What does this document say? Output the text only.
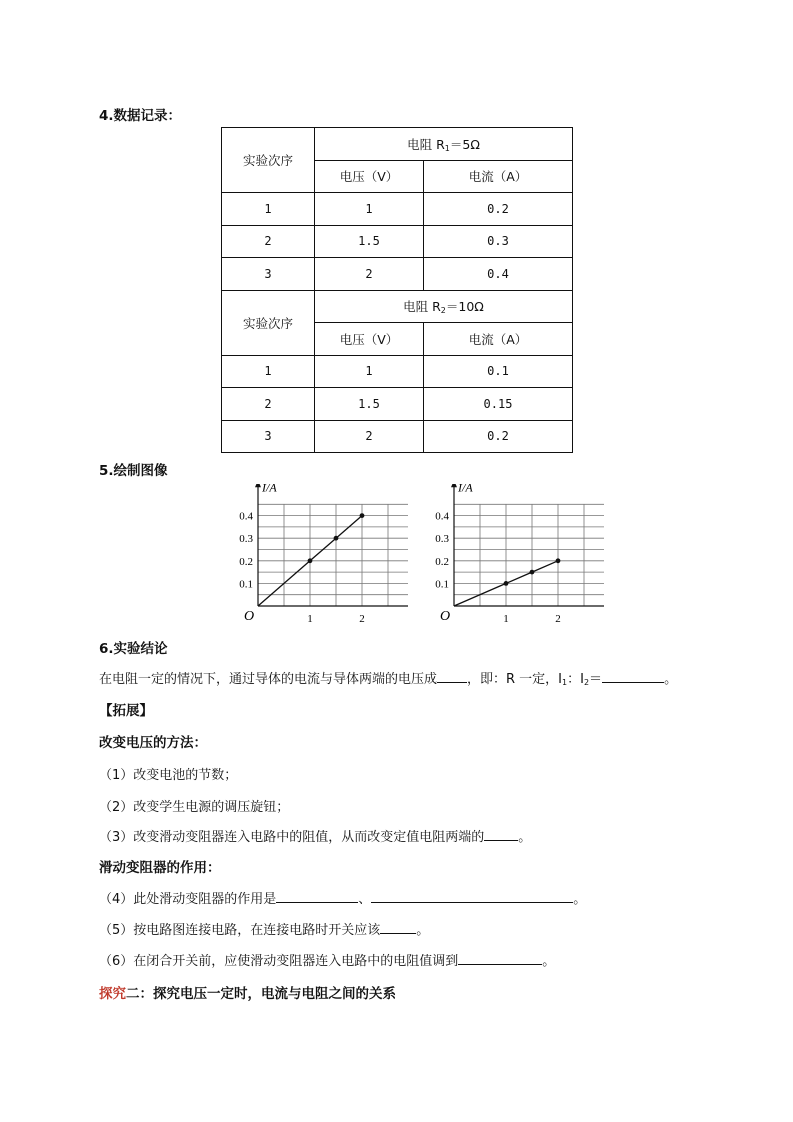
4.数据记录：
实验次序	电阻 $R_1=5\Omega$	
	电压（V）	电流（A）
1	1	0.2
2	1.5	0.3
3	2	0.4
实验次序	电阻 $R_2=10\Omega$	
	电压（V）	电流（A）
1	1	0.1
2	1.5	0.15
3	2	0.2
5.绘制图像
1	2
0.1
0.2
0.3
0.4
O
I/A
1	2
0.1
0.2
0.3
0.4
O
I/A
6.实验结论
在电阻一定的情况下，通过导体的电流与导体两端的电压成 ，即：R 一定，$I_1$：$I_2=$	。
【拓展】
改变电压的方法：
（1）改变电池的节数；
（2）改变学生电源的调压旋钮；
（3）改变滑动变阻器连入电路中的阻值，从而改变定值电阻两端的	。
滑动变阻器的作用：
（4）此处滑动变阻器的作用是	、	。
（5）按电路图连接电路，在连接电路时开关应该	。
（6）在闭合开关前，应使滑动变阻器连入电路中的电阻值调到	。
探究二：探究电压一定时，电流与电阻之间的关系
